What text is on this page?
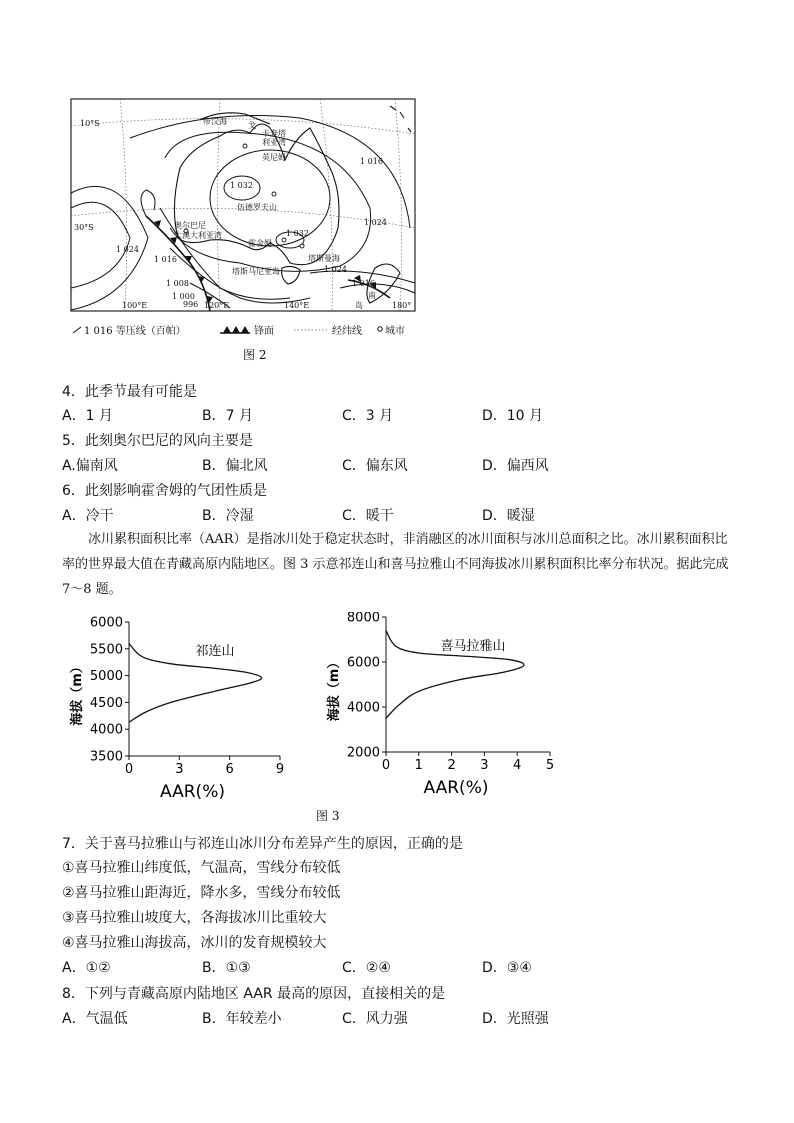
帝汶海	戈
卡奔塔利亚湾
英尼姆
伍德罗夫山
奥尔巴尼
大澳大利亚湾
霍舍姆
塔斯曼海
塔斯马尼亚岛
南
岛
10°S
30°S
100°E	120°E	140°E	180°
1 032
1 032
1 024
1 024
1 024
1 016
1 016
1 016
1 008
1 000
996
1 016 等压线（百帕）	锋面	经纬线 城市
图 2
4．此季节最有可能是
A．1 月	B．7 月	C．3 月	D．10 月
5．此刻奥尔巴尼的风向主要是
A.偏南风	B．偏北风	C．偏东风	D．偏西风
6．此刻影响霍舍姆的气团性质是
A．冷干	B．冷湿	C．暖干	D．暖湿
冰川累积面积比率（AAR）是指冰川处于稳定状态时，非消融区的冰川面积与冰川总面积之比。冰川累积面积比率的世界最大值在青藏高原内陆地区。图 3 示意祁连山和喜马拉雅山不同海拔冰川累积面积比率分布状况。据此完成 7～8 题。
3500
4000
4500
5000
5500
6000
0	3	6	9
AAR(%)
海拔（m）
祁连山
2000
4000
6000
8000
0 1 2 3 4 5
AAR(%)
海拔（m）
喜马拉雅山
图 3
7．关于喜马拉雅山与祁连山冰川分布差异产生的原因，正确的是
①喜马拉雅山纬度低，气温高，雪线分布较低
②喜马拉雅山距海近，降水多，雪线分布较低
③喜马拉雅山坡度大，各海拔冰川比重较大
④喜马拉雅山海拔高，冰川的发育规模较大
A．①②	B．①③	C．②④	D．③④
8．下列与青藏高原内陆地区 AAR 最高的原因，直接相关的是
A．气温低	B．年较差小	C．风力强	D．光照强
